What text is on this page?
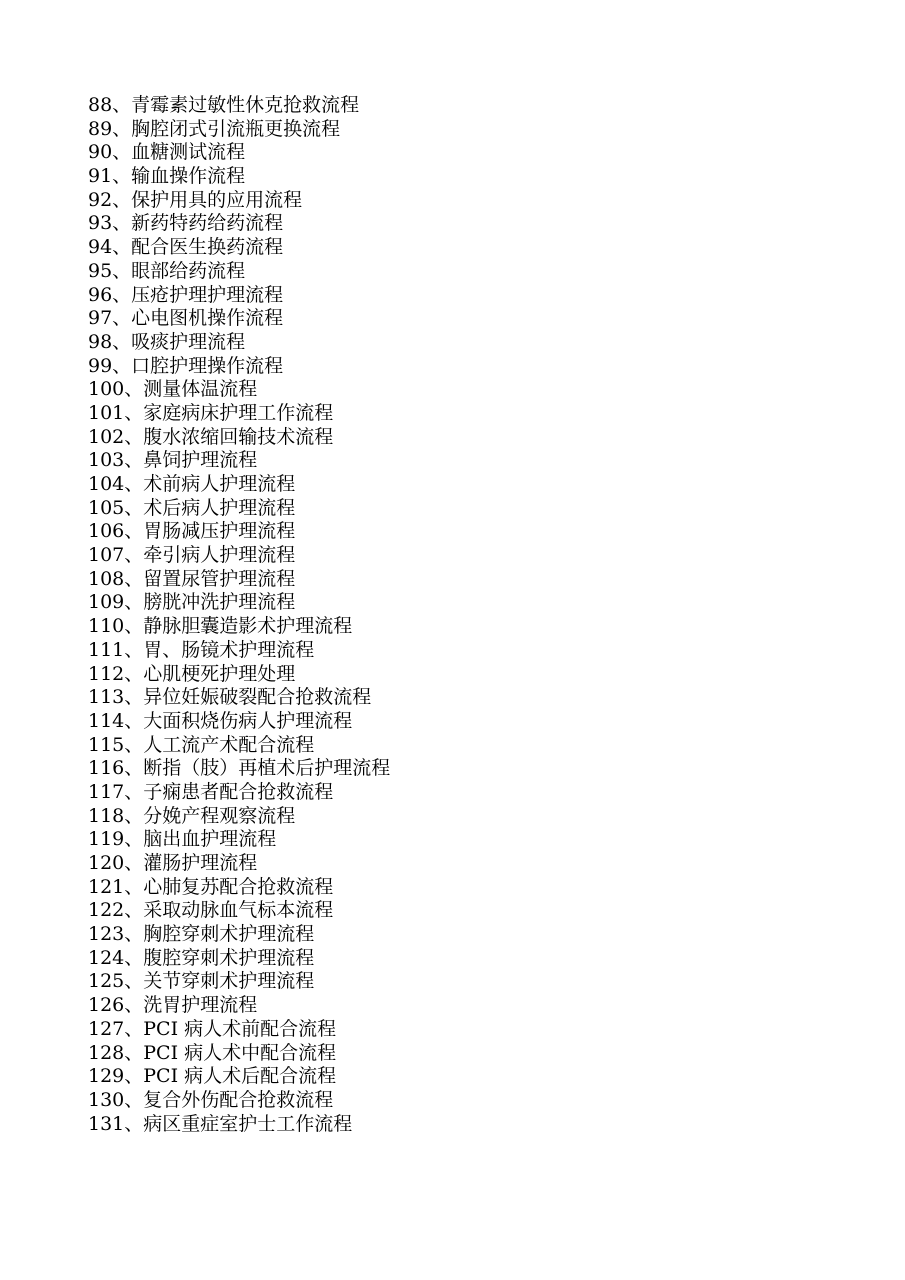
88、青霉素过敏性休克抢救流程
89、胸腔闭式引流瓶更换流程
90、血糖测试流程
91、输血操作流程
92、保护用具的应用流程
93、新药特药给药流程
94、配合医生换药流程
95、眼部给药流程
96、压疮护理护理流程
97、心电图机操作流程
98、吸痰护理流程
99、口腔护理操作流程
100、测量体温流程
101、家庭病床护理工作流程
102、腹水浓缩回输技术流程
103、鼻饲护理流程
104、术前病人护理流程
105、术后病人护理流程
106、胃肠减压护理流程
107、牵引病人护理流程
108、留置尿管护理流程
109、膀胱冲洗护理流程
110、静脉胆囊造影术护理流程
111、胃、肠镜术护理流程
112、心肌梗死护理处理
113、异位妊娠破裂配合抢救流程
114、大面积烧伤病人护理流程
115、人工流产术配合流程
116、断指（肢）再植术后护理流程
117、子痫患者配合抢救流程
118、分娩产程观察流程
119、脑出血护理流程
120、灌肠护理流程
121、心肺复苏配合抢救流程
122、采取动脉血气标本流程
123、胸腔穿刺术护理流程
124、腹腔穿刺术护理流程
125、关节穿刺术护理流程
126、洗胃护理流程
127、PCI 病人术前配合流程
128、PCI 病人术中配合流程
129、PCI 病人术后配合流程
130、复合外伤配合抢救流程
131、病区重症室护士工作流程
